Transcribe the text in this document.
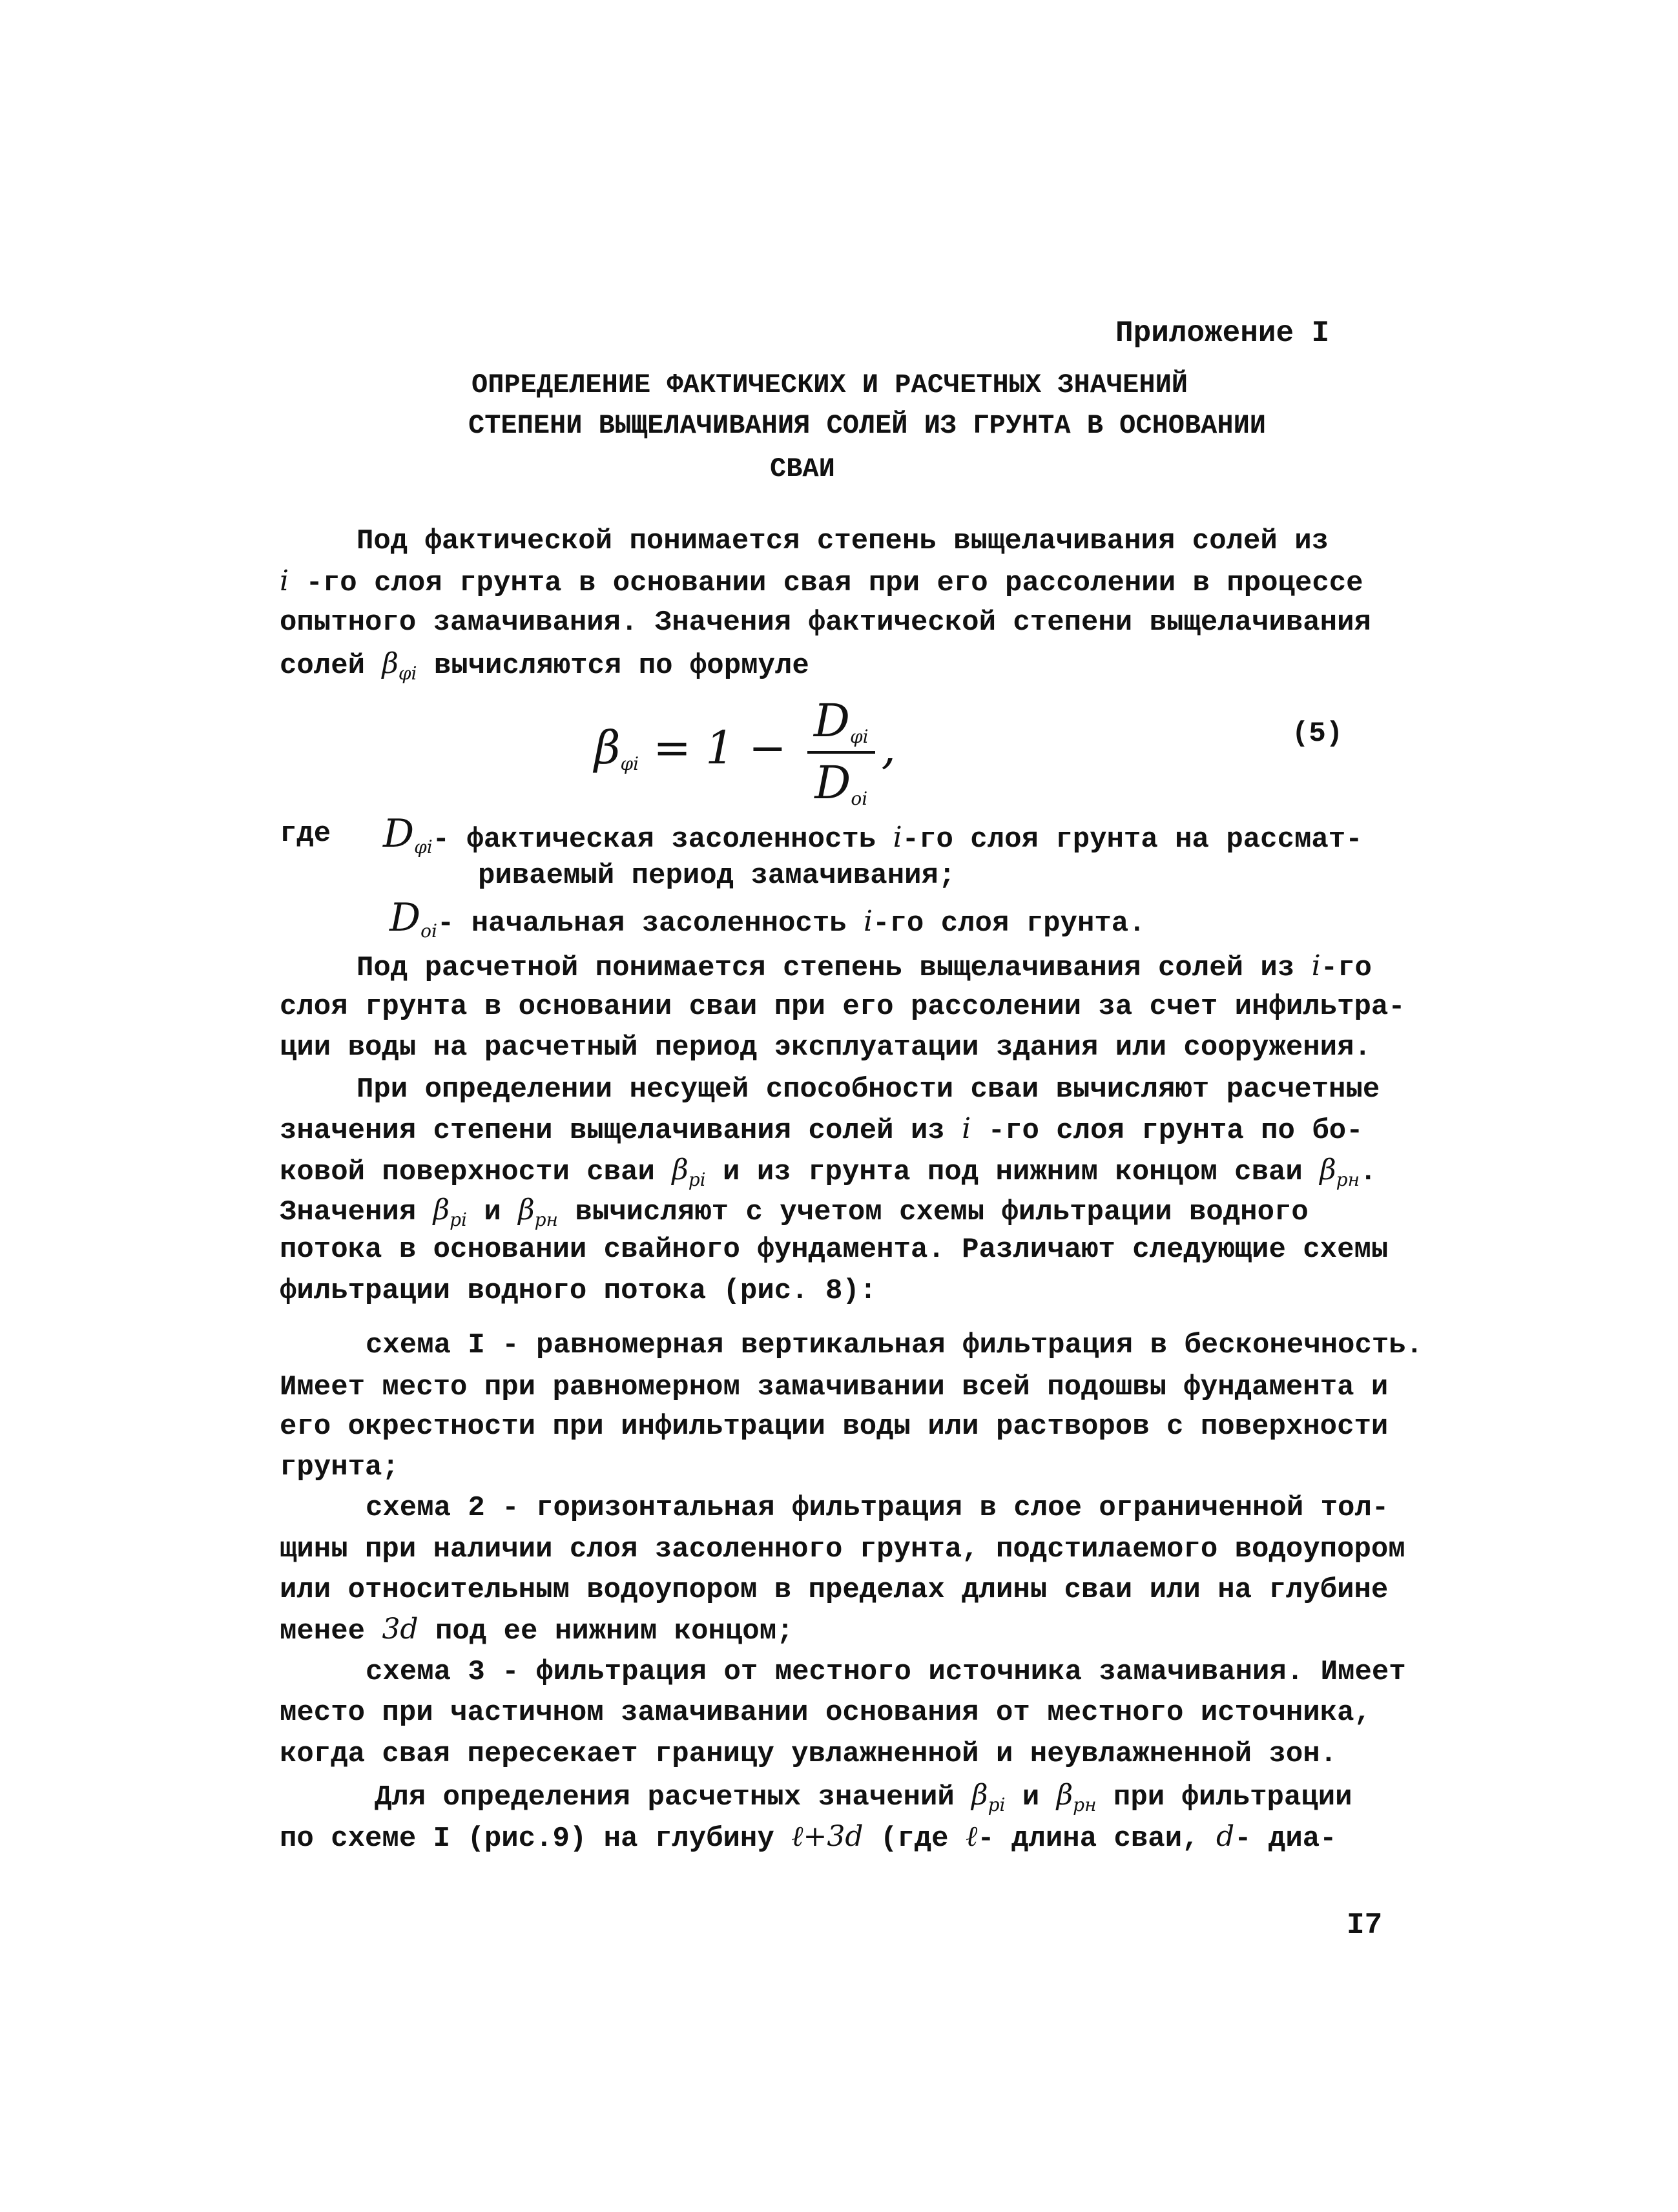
Приложение I
ОПРЕДЕЛЕНИЕ ФАКТИЧЕСКИХ И РАСЧЕТНЫХ ЗНАЧЕНИЙ
СТЕПЕНИ ВЫЩЕЛАЧИВАНИЯ СОЛЕЙ ИЗ ГРУНТА В ОСНОВАНИИ
СВАИ
Под фактической понимается степень выщелачивания солей из
i -го слоя грунта в основании свая при его рассолении в процессе
опытного замачивания. Значения фактической степени выщелачивания
солей $\beta_{\varphi i}$ вычисляются по формуле
$\beta_{\varphi i} = 1 - \frac{D_{\varphi i}}{D_{oi}}$ ,	(5)
где $D_{\varphi i}-$ фактическая засоленность i-го слоя грунта на рассмат-
риваемый период замачивания;
$D_{oi}-$ начальная засоленность i-го слоя грунта.
Под расчетной понимается степень выщелачивания солей из i-го
слоя грунта в основании сваи при его рассолении за счет инфильтра-
ции воды на расчетный период эксплуатации здания или сооружения.
При определении несущей способности сваи вычисляют расчетные
значения степени выщелачивания солей из i -го слоя грунта по бо-
ковой поверхности сваи $\beta_{pi}$ и из грунта под нижним концом сваи $\beta_{pн}$.
Значения $\beta_{pi}$ и $\beta_{pн}$ вычисляют с учетом схемы фильтрации водного
потока в основании свайного фундамента. Различают следующие схемы
фильтрации водного потока (рис. 8):
схема I - равномерная вертикальная фильтрация в бесконечность.
Имеет место при равномерном замачивании всей подошвы фундамента и
его окрестности при инфильтрации воды или растворов с поверхности
грунта;
схема 2 - горизонтальная фильтрация в слое ограниченной тол-
щины при наличии слоя засоленного грунта, подстилаемого водоупором
или относительным водоупором в пределах длины сваи или на глубине
менее 3d под ее нижним концом;
схема 3 - фильтрация от местного источника замачивания. Имеет
место при частичном замачивании основания от местного источника,
когда свая пересекает границу увлажненной и неувлажненной зон.
Для определения расчетных значений $\beta_{pi}$ и $\beta_{pн}$ при фильтрации
по схеме I (рис.9) на глубину ℓ+3d (где ℓ- длина сваи, d- диа-
I7
